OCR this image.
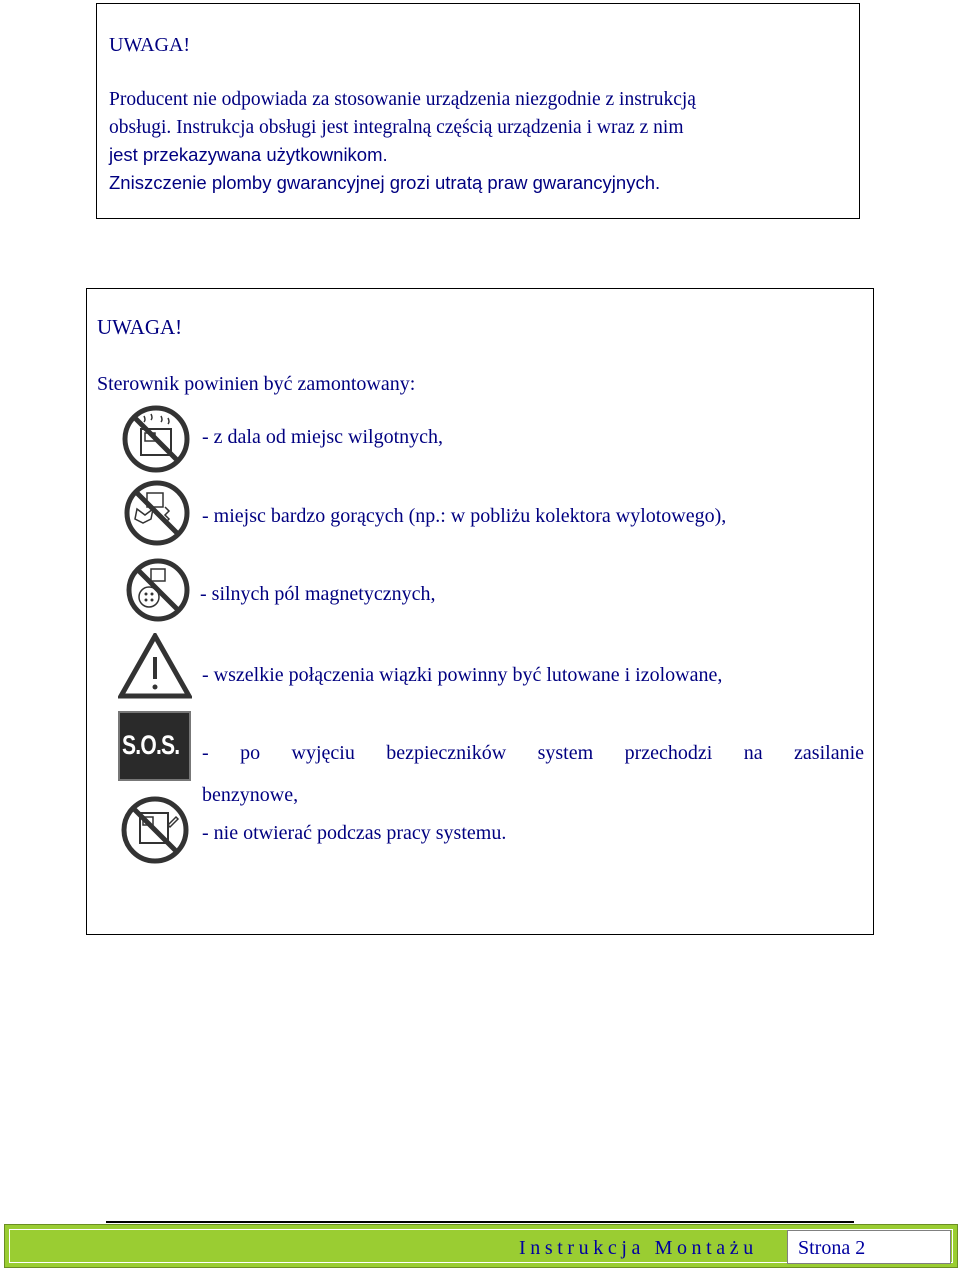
UWAGA!
Producent nie odpowiada za stosowanie urządzenia niezgodnie z instrukcją
obsługi. Instrukcja obsługi jest integralną częścią urządzenia i wraz z nim
jest przekazywana użytkownikom.
Zniszczenie plomby gwarancyjnej grozi utratą praw gwarancyjnych.
UWAGA!
Sterownik powinien być zamontowany:
- z dala od miejsc wilgotnych,
- miejsc bardzo gorących (np.: w pobliżu kolektora wylotowego),
- silnych pól magnetycznych,
- wszelkie połączenia wiązki powinny być lutowane i izolowane,
S.O.S. - po wyjęciu bezpieczników system przechodzi na zasilanie
benzynowe,
- nie otwierać podczas pracy systemu.
Instrukcja Montażu Strona 2
